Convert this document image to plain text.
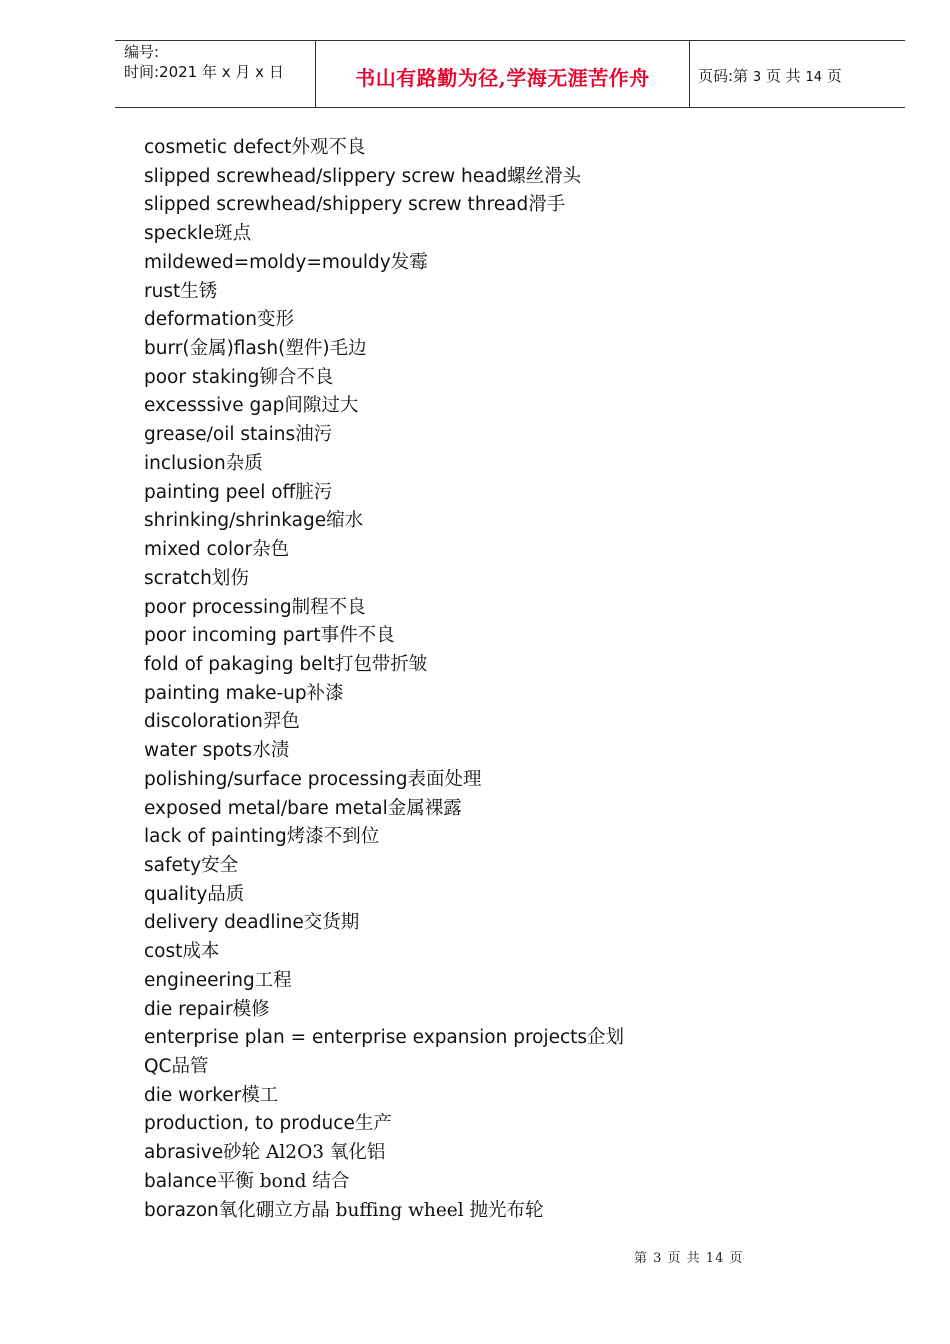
编号:
时间:2021 年 x 月 x 日	书山有路勤为径,学海无涯苦作舟	页码:第 3 页 共 14 页
cosmetic defect外观不良
slipped screwhead/slippery screw head螺丝滑头
slipped screwhead/shippery screw thread滑手
speckle斑点
mildewed=moldy=mouldy发霉
rust生锈
deformation变形
burr(金属)flash(塑件)毛边
poor staking铆合不良
excesssive gap间隙过大
grease/oil stains油污
inclusion杂质
painting peel off脏污
shrinking/shrinkage缩水
mixed color杂色
scratch划伤
poor processing制程不良
poor incoming part事件不良
fold of pakaging belt打包带折皱
painting make-up补漆
discoloration羿色
water spots水渍
polishing/surface processing表面处理
exposed metal/bare metal金属裸露
lack of painting烤漆不到位
safety安全
quality品质
delivery deadline交货期
cost成本
engineering工程
die repair模修
enterprise plan = enterprise expansion projects企划
QC品管
die worker模工
production, to produce生产
abrasive砂轮 Al2O3 氧化铝
balance平衡 bond 结合
borazon氧化硼立方晶 buffing wheel 抛光布轮
第 3 页 共 14 页
